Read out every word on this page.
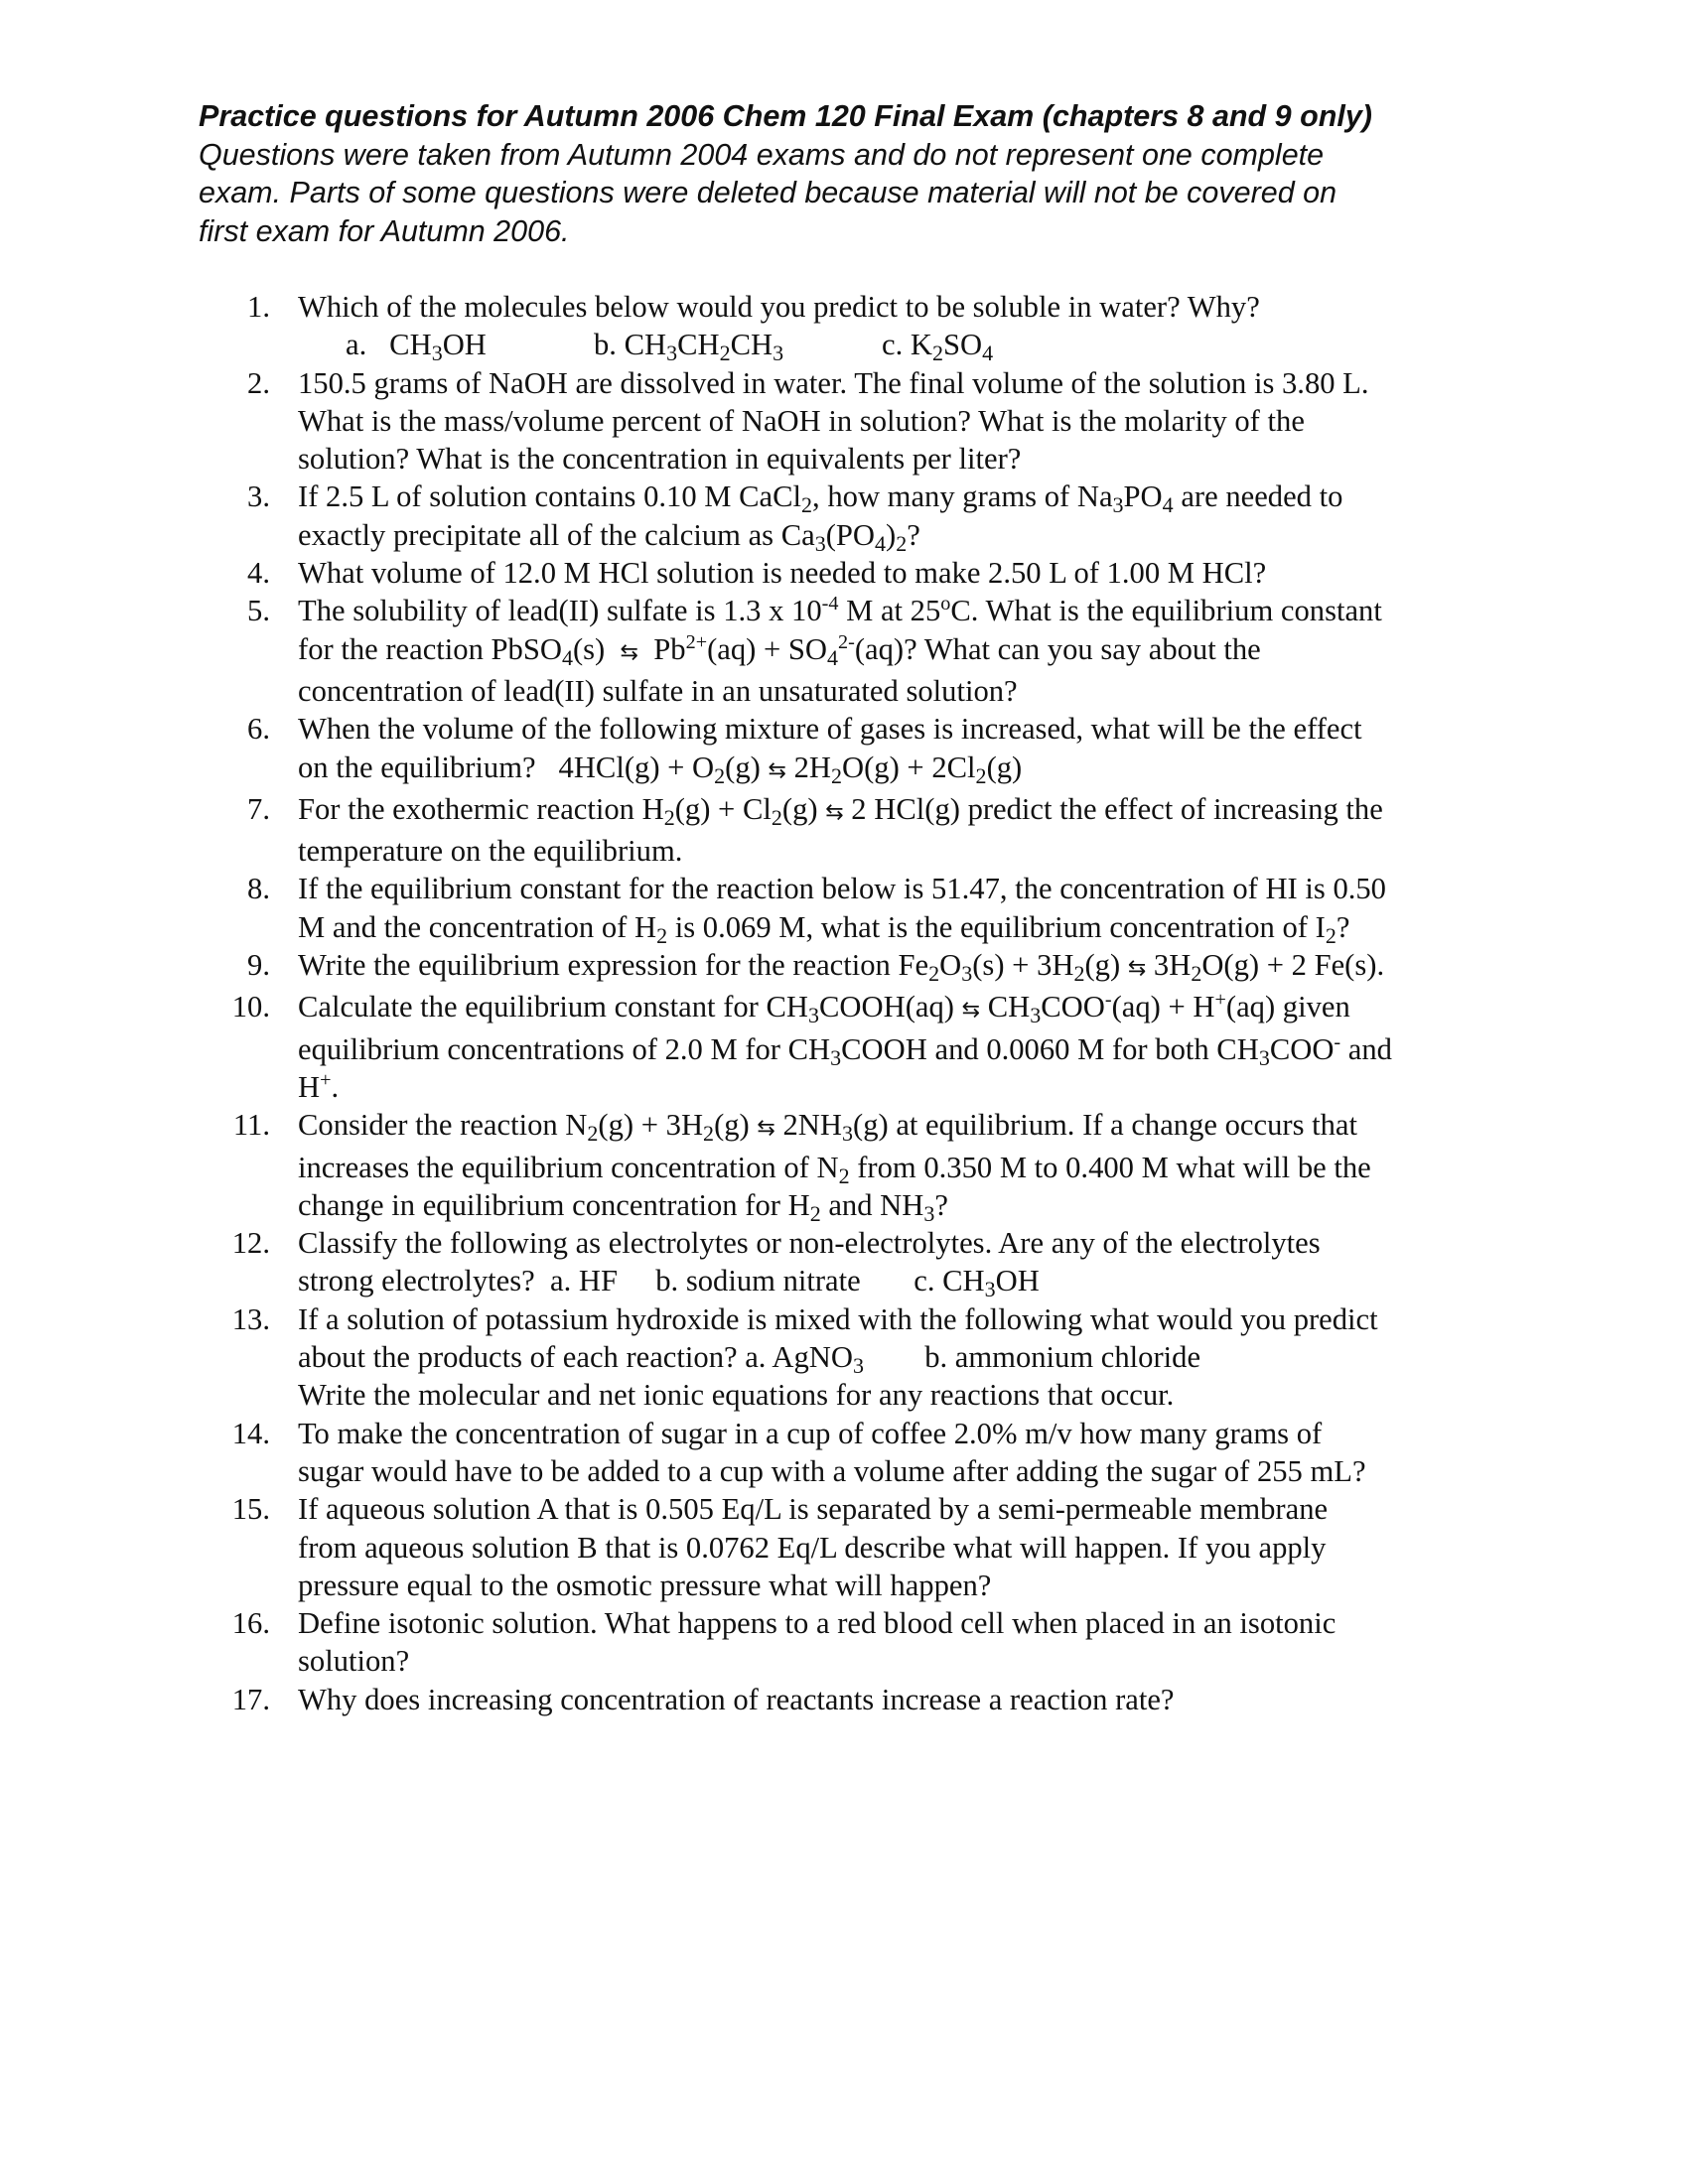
Practice questions for Autumn 2006 Chem 120 Final Exam (chapters 8 and 9 only)
Questions were taken from Autumn 2004 exams and do not represent one complete
exam. Parts of some questions were deleted because material will not be covered on
first exam for Autumn 2006.
1. Which of the molecules below would you predict to be soluble in water? Why?
a.   $CH_3OH$	b. $CH_3CH_2CH_3$	c. $K_2SO_4$
2. 150.5 grams of NaOH are dissolved in water. The final volume of the solution is 3.80 L.
What is the mass/volume percent of NaOH in solution? What is the molarity of the
solution? What is the concentration in equivalents per liter?
3. If 2.5 L of solution contains 0.10 M CaCl$_2$, how many grams of $Na_3PO_4$ are needed to
exactly precipitate all of the calcium as $Ca_3(PO_4)_2$?
4. What volume of 12.0 M HCl solution is needed to make 2.50 L of 1.00 M HCl?
5. The solubility of lead(II) sulfate is 1.3 x $10^{-4}$ M at 25$^o$C. What is the equilibrium constant
for the reaction PbSO$_4$(s)  ⇆  $Pb^{2+}(aq) + SO_4^{2-}(aq)$? What can you say about the
concentration of lead(II) sulfate in an unsaturated solution?
6. When the volume of the following mixture of gases is increased, what will be the effect
on the equilibrium?   $4HCl(g) + O_2(g)$ ⇆ $2H_2O(g) + 2Cl_2(g)$
7. For the exothermic reaction $H_2(g) + Cl_2(g)$ ⇆ 2 HCl(g) predict the effect of increasing the
temperature on the equilibrium.
8. If the equilibrium constant for the reaction below is 51.47, the concentration of HI is 0.50
M and the concentration of $H_2$ is 0.069 M, what is the equilibrium concentration of $I_2$?
9. Write the equilibrium expression for the reaction $Fe_2O_3(s) + 3H_2(g)$ ⇆ $3H_2O(g) + 2$ Fe(s).
10. Calculate the equilibrium constant for $CH_3COOH(aq)$ ⇆ $CH_3COO^-(aq) + H^+(aq)$ given
equilibrium concentrations of 2.0 M for $CH_3COOH$ and 0.0060 M for both $CH_3COO^-$ and
H+.
11. Consider the reaction $N_2(g) + 3H_2(g)$ ⇆ $2NH_3(g)$ at equilibrium. If a change occurs that
increases the equilibrium concentration of $N_2$ from 0.350 M to 0.400 M what will be the
change in equilibrium concentration for $H_2$ and $NH_3$?
12. Classify the following as electrolytes or non-electrolytes. Are any of the electrolytes
strong electrolytes?  a. HF     b. sodium nitrate       c. $CH_3OH$
13. If a solution of potassium hydroxide is mixed with the following what would you predict
about the products of each reaction? a. AgNO$_3$        b. ammonium chloride
Write the molecular and net ionic equations for any reactions that occur.
14. To make the concentration of sugar in a cup of coffee 2.0% m/v how many grams of
sugar would have to be added to a cup with a volume after adding the sugar of 255 mL?
15. If aqueous solution A that is 0.505 Eq/L is separated by a semi-permeable membrane
from aqueous solution B that is 0.0762 Eq/L describe what will happen. If you apply
pressure equal to the osmotic pressure what will happen?
16. Define isotonic solution. What happens to a red blood cell when placed in an isotonic
solution?
17. Why does increasing concentration of reactants increase a reaction rate?
